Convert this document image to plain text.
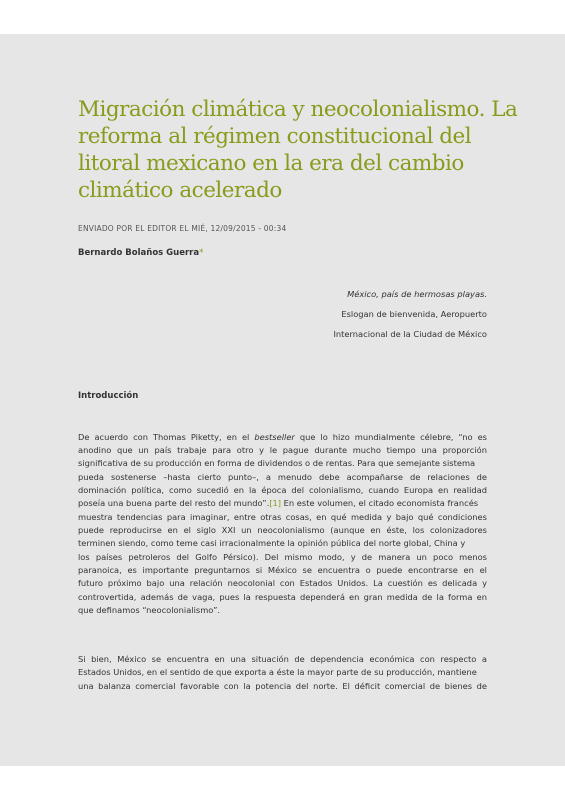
Migración climática y neocolonialismo. La reforma al régimen constitucional del litoral mexicano en la era del cambio climático acelerado
ENVIADO POR EL EDITOR EL MIÉ, 12/09/2015 - 00:34
Bernardo Bolaños Guerra*
México, país de hermosas playas.
Eslogan de bienvenida, Aeropuerto
Internacional de la Ciudad de México
Introducción
De acuerdo con Thomas Piketty, en el bestseller que lo hizo mundialmente célebre, “no es
anodino que un país trabaje para otro y le pague durante mucho tiempo una proporción
significativa de su producción en forma de dividendos o de rentas. Para que semejante sistema
pueda sostenerse –hasta cierto punto–, a menudo debe acompañarse de relaciones de
dominación política, como sucedió en la época del colonialismo, cuando Europa en realidad
poseía una buena parte del resto del mundo”.[1] En este volumen, el citado economista francés
muestra tendencias para imaginar, entre otras cosas, en qué medida y bajo qué condiciones
puede reproducirse en el siglo XXI un neocolonialismo (aunque en éste, los colonizadores
terminen siendo, como teme casi irracionalmente la opinión pública del norte global, China y
los países petroleros del Golfo Pérsico). Del mismo modo, y de manera un poco menos
paranoica, es importante preguntarnos si México se encuentra o puede encontrarse en el
futuro próximo bajo una relación neocolonial con Estados Unidos. La cuestión es delicada y
controvertida, además de vaga, pues la respuesta dependerá en gran medida de la forma en
que definamos “neocolonialismo”.
Si bien, México se encuentra en una situación de dependencia económica con respecto a
Estados Unidos, en el sentido de que exporta a éste la mayor parte de su producción, mantiene
una balanza comercial favorable con la potencia del norte. El déficit comercial de bienes de
